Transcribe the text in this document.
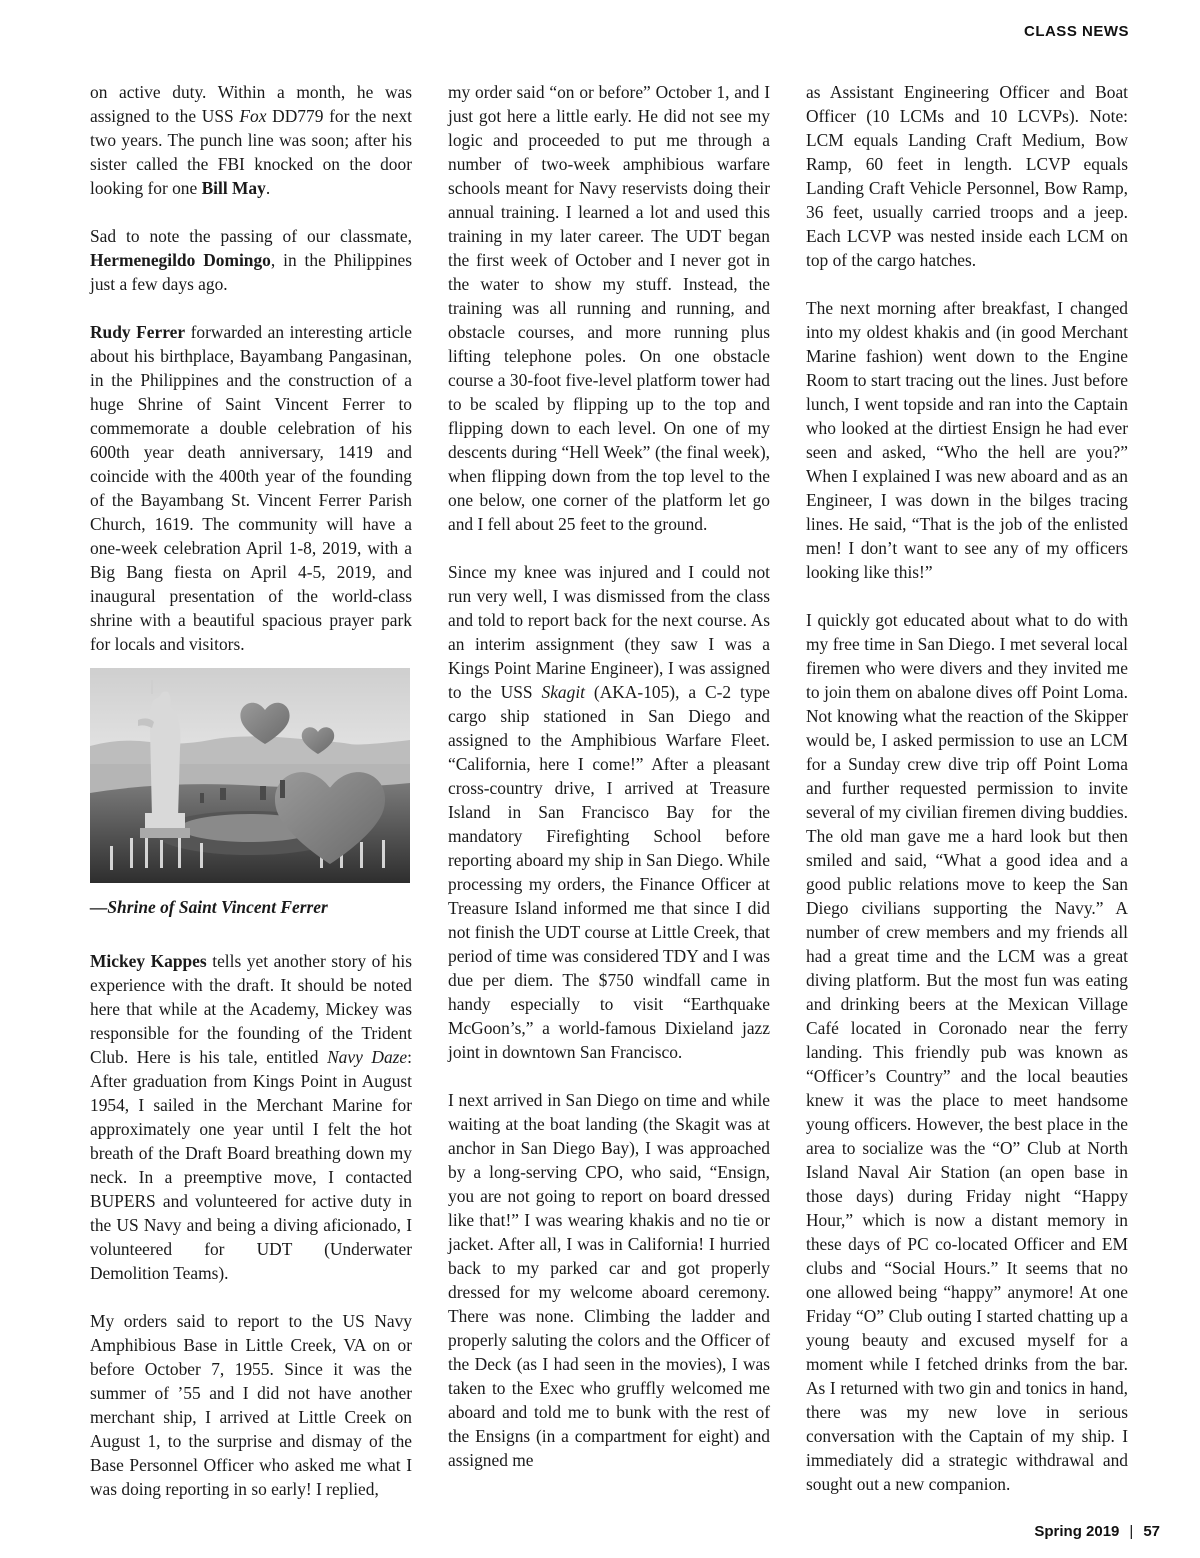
CLASS NEWS

on active duty. Within a month, he was assigned to the USS Fox DD779 for the next two years. The punch line was soon; after his sister called the FBI knocked on the door looking for one Bill May.

Sad to note the passing of our classmate, Hermenegildo Domingo, in the Philippines just a few days ago.

Rudy Ferrer forwarded an interesting article about his birthplace, Bayambang Pangasinan, in the Philippines and the construction of a huge Shrine of Saint Vincent Ferrer to commemorate a double celebration of his 600th year death anniversary, 1419 and coincide with the 400th year of the founding of the Bayambang St. Vincent Ferrer Parish Church, 1619. The community will have a one-week celebration April 1-8, 2019, with a Big Bang fiesta on April 4-5, 2019, and inaugural presentation of the world-class shrine with a beautiful spacious prayer park for locals and visitors.

—Shrine of Saint Vincent Ferrer

Mickey Kappes tells yet another story of his experience with the draft. It should be noted here that while at the Academy, Mickey was responsible for the founding of the Trident Club. Here is his tale, entitled Navy Daze: After graduation from Kings Point in August 1954, I sailed in the Merchant Marine for approximately one year until I felt the hot breath of the Draft Board breathing down my neck. In a preemptive move, I contacted BUPERS and volunteered for active duty in the US Navy and being a diving aficionado, I volunteered for UDT (Underwater Demolition Teams).

My orders said to report to the US Navy Amphibious Base in Little Creek, VA on or before October 7, 1955. Since it was the summer of ’55 and I did not have another merchant ship, I arrived at Little Creek on August 1, to the surprise and dismay of the Base Personnel Officer who asked me what I was doing reporting in so early! I replied,

my order said “on or before” October 1, and I just got here a little early. He did not see my logic and proceeded to put me through a number of two-week amphibious warfare schools meant for Navy reservists doing their annual training. I learned a lot and used this training in my later career. The UDT began the first week of October and I never got in the water to show my stuff. Instead, the training was all running and running, and obstacle courses, and more running plus lifting telephone poles. On one obstacle course a 30-foot five-level platform tower had to be scaled by flipping up to the top and flipping down to each level. On one of my descents during “Hell Week” (the final week), when flipping down from the top level to the one below, one corner of the platform let go and I fell about 25 feet to the ground.

Since my knee was injured and I could not run very well, I was dismissed from the class and told to report back for the next course. As an interim assignment (they saw I was a Kings Point Marine Engineer), I was assigned to the USS Skagit (AKA-105), a C-2 type cargo ship stationed in San Diego and assigned to the Amphibious Warfare Fleet. “California, here I come!” After a pleasant cross-country drive, I arrived at Treasure Island in San Francisco Bay for the mandatory Firefighting School before reporting aboard my ship in San Diego. While processing my orders, the Finance Officer at Treasure Island informed me that since I did not finish the UDT course at Little Creek, that period of time was considered TDY and I was due per diem. The $750 windfall came in handy especially to visit “Earthquake McGoon’s,” a world-famous Dixieland jazz joint in downtown San Francisco.

I next arrived in San Diego on time and while waiting at the boat landing (the Skagit was at anchor in San Diego Bay), I was approached by a long-serving CPO, who said, “Ensign, you are not going to report on board dressed like that!” I was wearing khakis and no tie or jacket. After all, I was in California! I hurried back to my parked car and got properly dressed for my welcome aboard ceremony. There was none. Climbing the ladder and properly saluting the colors and the Officer of the Deck (as I had seen in the movies), I was taken to the Exec who gruffly welcomed me aboard and told me to bunk with the rest of the Ensigns (in a compartment for eight) and assigned me

as Assistant Engineering Officer and Boat Officer (10 LCMs and 10 LCVPs). Note: LCM equals Landing Craft Medium, Bow Ramp, 60 feet in length. LCVP equals Landing Craft Vehicle Personnel, Bow Ramp, 36 feet, usually carried troops and a jeep. Each LCVP was nested inside each LCM on top of the cargo hatches.

The next morning after breakfast, I changed into my oldest khakis and (in good Merchant Marine fashion) went down to the Engine Room to start tracing out the lines. Just before lunch, I went topside and ran into the Captain who looked at the dirtiest Ensign he had ever seen and asked, “Who the hell are you?” When I explained I was new aboard and as an Engineer, I was down in the bilges tracing lines. He said, “That is the job of the enlisted men! I don’t want to see any of my officers looking like this!”

I quickly got educated about what to do with my free time in San Diego. I met several local firemen who were divers and they invited me to join them on abalone dives off Point Loma. Not knowing what the reaction of the Skipper would be, I asked permission to use an LCM for a Sunday crew dive trip off Point Loma and further requested permission to invite several of my civilian firemen diving buddies. The old man gave me a hard look but then smiled and said, “What a good idea and a good public relations move to keep the San Diego civilians supporting the Navy.” A number of crew members and my friends all had a great time and the LCM was a great diving platform. But the most fun was eating and drinking beers at the Mexican Village Café located in Coronado near the ferry landing. This friendly pub was known as “Officer’s Country” and the local beauties knew it was the place to meet handsome young officers. However, the best place in the area to socialize was the “O” Club at North Island Naval Air Station (an open base in those days) during Friday night “Happy Hour,” which is now a distant memory in these days of PC co-located Officer and EM clubs and “Social Hours.” It seems that no one allowed being “happy” anymore! At one Friday “O” Club outing I started chatting up a young beauty and excused myself for a moment while I fetched drinks from the bar. As I returned with two gin and tonics in hand, there was my new love in serious conversation with the Captain of my ship. I immediately did a strategic withdrawal and sought out a new companion.

Spring 2019 | 57
